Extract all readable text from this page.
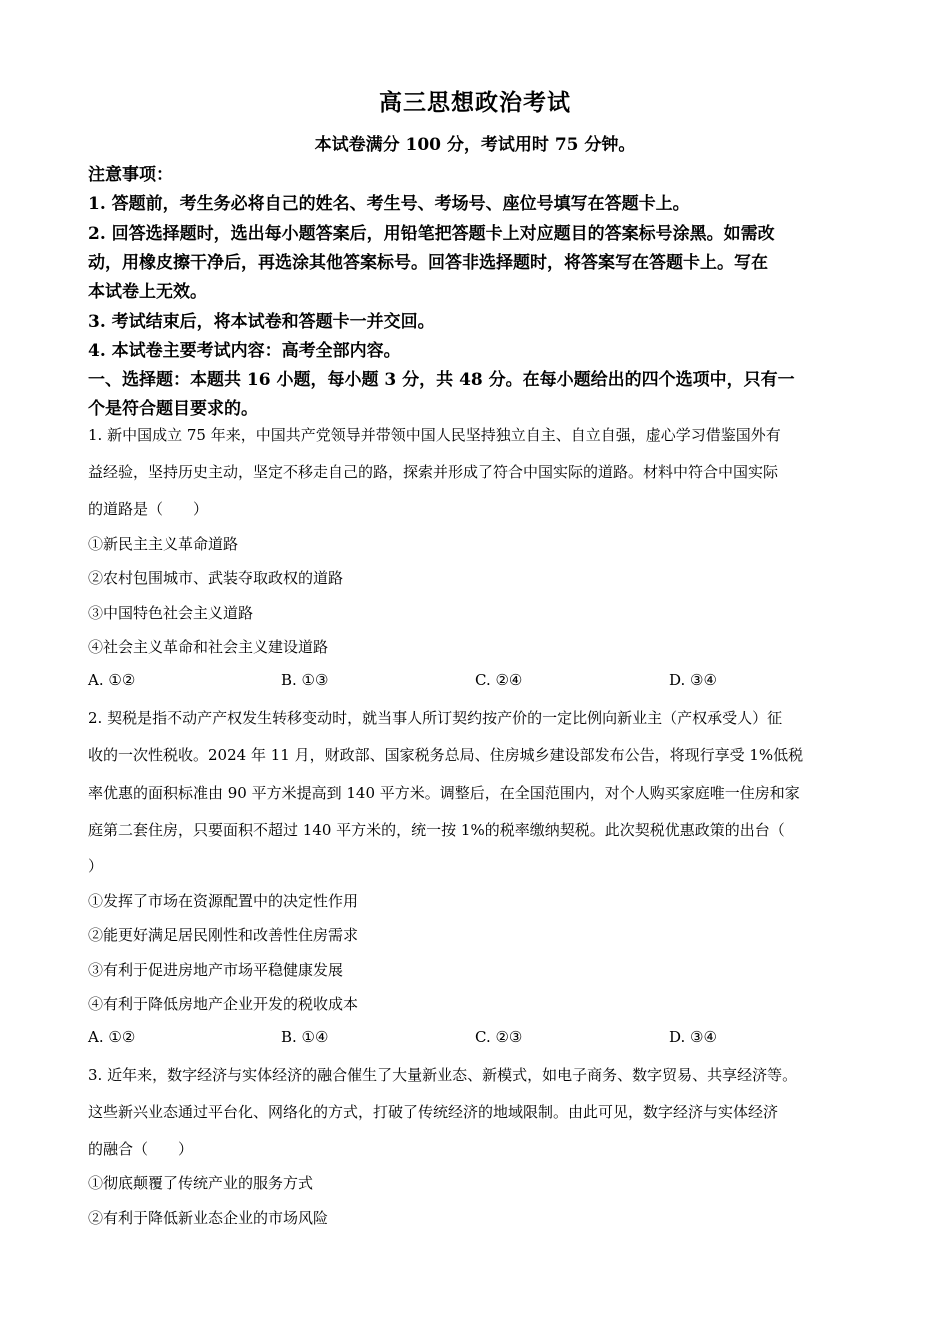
高三思想政治考试
本试卷满分 100 分，考试用时 75 分钟。
注意事项：
1. 答题前，考生务必将自己的姓名、考生号、考场号、座位号填写在答题卡上。
2. 回答选择题时，选出每小题答案后，用铅笔把答题卡上对应题目的答案标号涂黑。如需改
动，用橡皮擦干净后，再选涂其他答案标号。回答非选择题时，将答案写在答题卡上。写在
本试卷上无效。
3. 考试结束后，将本试卷和答题卡一并交回。
4. 本试卷主要考试内容：高考全部内容。
一、选择题：本题共 16 小题，每小题 3 分，共 48 分。在每小题给出的四个选项中，只有一
个是符合题目要求的。
1. 新中国成立 75 年来，中国共产党领导并带领中国人民坚持独立自主、自立自强，虚心学习借鉴国外有
益经验，坚持历史主动，坚定不移走自己的路，探索并形成了符合中国实际的道路。材料中符合中国实际
的道路是（　　）
①新民主主义革命道路
②农村包围城市、武装夺取政权的道路
③中国特色社会主义道路
④社会主义革命和社会主义建设道路
A. ①②	B. ①③	C. ②④	D. ③④
2. 契税是指不动产产权发生转移变动时，就当事人所订契约按产价的一定比例向新业主（产权承受人）征
收的一次性税收。2024 年 11 月，财政部、国家税务总局、住房城乡建设部发布公告，将现行享受 1%低税
率优惠的面积标准由 90 平方米提高到 140 平方米。调整后，在全国范围内，对个人购买家庭唯一住房和家
庭第二套住房，只要面积不超过 140 平方米的，统一按 1%的税率缴纳契税。此次契税优惠政策的出台（
）
①发挥了市场在资源配置中的决定性作用
②能更好满足居民刚性和改善性住房需求
③有利于促进房地产市场平稳健康发展
④有利于降低房地产企业开发的税收成本
A. ①②	B. ①④	C. ②③	D. ③④
3. 近年来，数字经济与实体经济的融合催生了大量新业态、新模式，如电子商务、数字贸易、共享经济等。
这些新兴业态通过平台化、网络化的方式，打破了传统经济的地域限制。由此可见，数字经济与实体经济
的融合（　　）
①彻底颠覆了传统产业的服务方式
②有利于降低新业态企业的市场风险
